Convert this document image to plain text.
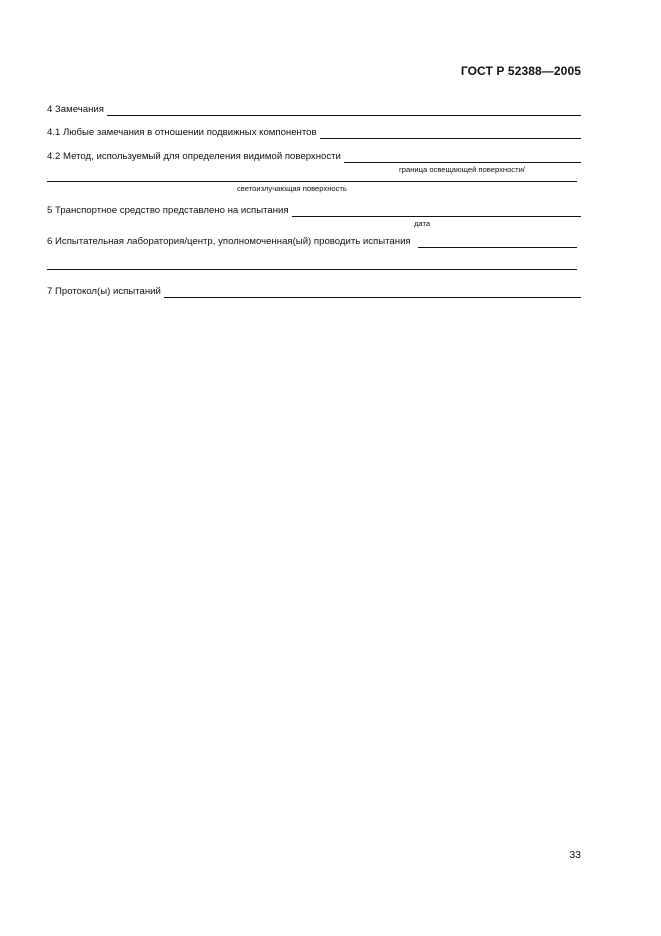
ГОСТ Р 52388—2005
4 Замечания
4.1 Любые замечания в отношении подвижных компонентов
4.2 Метод, используемый для определения видимой поверхности
граница освещающей поверхности/
светоизлучающая поверхность
5 Транспортное средство представлено на испытания
дата
6 Испытательная лаборатория/центр, уполномоченная(ый) проводить испытания
7 Протокол(ы) испытаний
33
